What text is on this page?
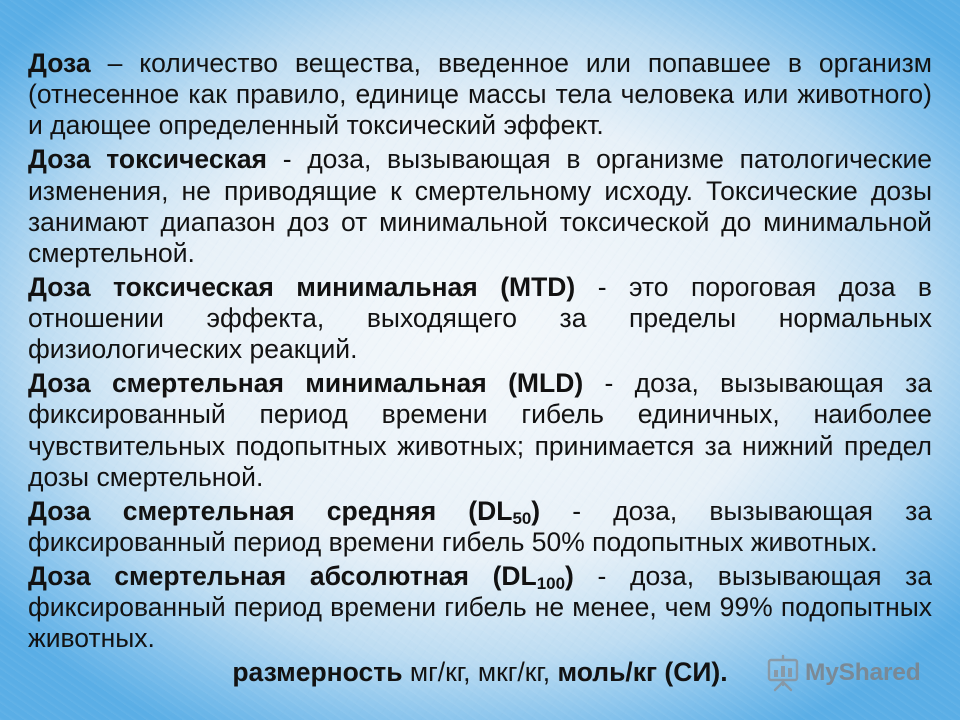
Доза – количество вещества, введенное или попавшее в организм (отнесенное как правило, единице массы тела человека или животного) и дающее определенный токсический эффект.

Доза токсическая - доза, вызывающая в организме патологические изменения, не приводящие к смертельному исходу. Токсические дозы занимают диапазон доз от минимальной токсической до минимальной смертельной.

Доза токсическая минимальная (MTD) - это пороговая доза в отношении эффекта, выходящего за пределы нормальных физиологических реакций.

Доза смертельная минимальная (MLD) - доза, вызывающая за фиксированный период времени гибель единичных, наиболее чувствительных подопытных животных; принимается за нижний предел дозы смертельной.

Доза смертельная средняя $(DL_{50})$ - доза, вызывающая за фиксированный период времени гибель 50% подопытных животных.

Доза смертельная абсолютная $(DL_{100})$ - доза, вызывающая за фиксированный период времени гибель не менее, чем 99% подопытных животных.

размерность мг/кг, мкг/кг, моль/кг (СИ).	MyShared
